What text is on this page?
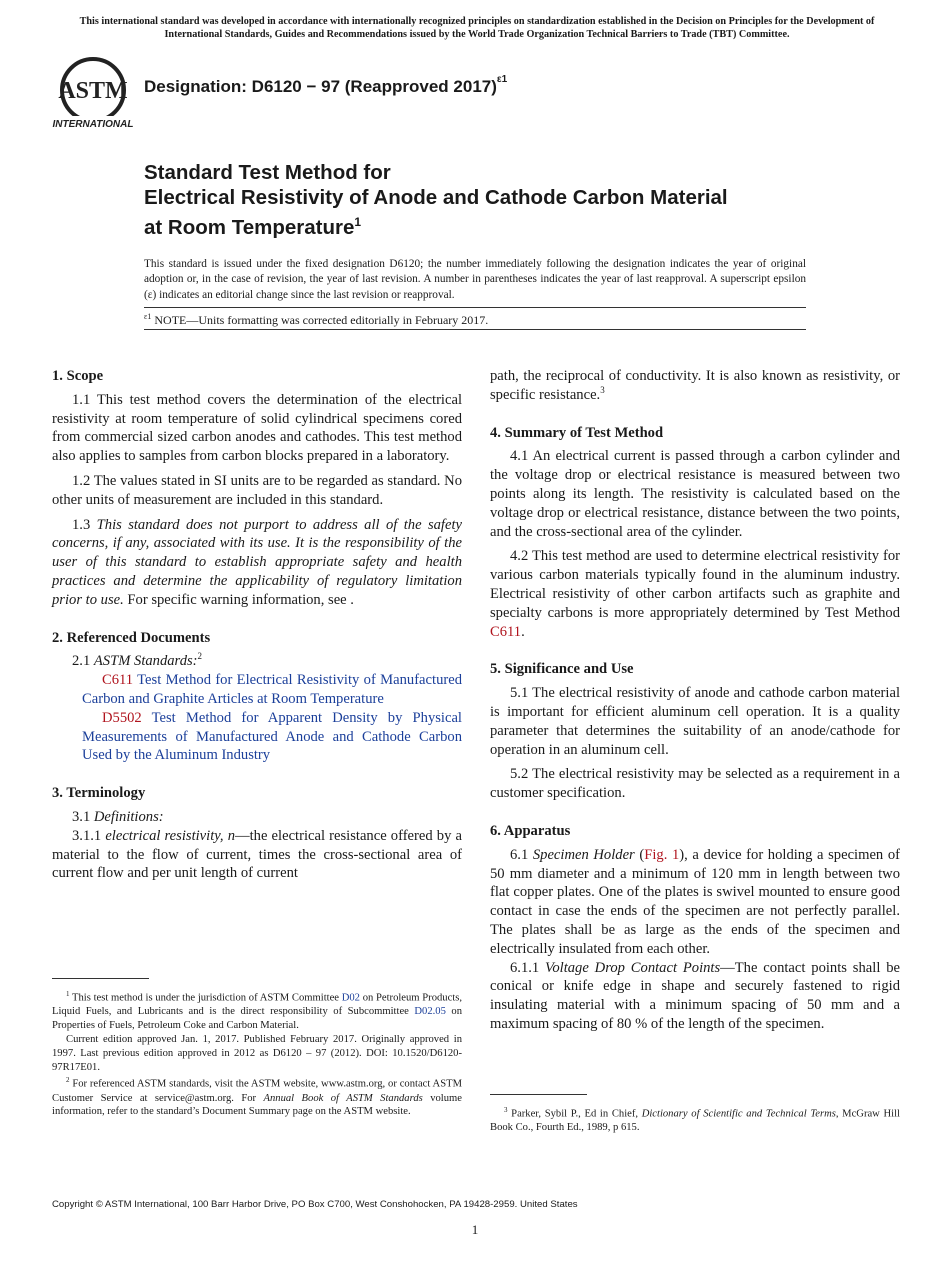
This international standard was developed in accordance with internationally recognized principles on standardization established in the Decision on Principles for the Development of International Standards, Guides and Recommendations issued by the World Trade Organization Technical Barriers to Trade (TBT) Committee.
ASTM
INTERNATIONAL
Designation: D6120 − 97 (Reapproved 2017)$^{\varepsilon 1}$
Standard Test Method for
Electrical Resistivity of Anode and Cathode Carbon Material
at Room Temperature$^1$
This standard is issued under the fixed designation D6120; the number immediately following the designation indicates the year of original adoption or, in the case of revision, the year of last revision. A number in parentheses indicates the year of last reapproval. A superscript epsilon (ε) indicates an editorial change since the last revision or reapproval.
$^{\varepsilon 1}$ NOTE—Units formatting was corrected editorially in February 2017.

1. Scope

1.1 This test method covers the determination of the electrical resistivity at room temperature of solid cylindrical specimens cored from commercial sized carbon anodes and cathodes. This test method also applies to samples from carbon blocks prepared in a laboratory.

1.2 The values stated in SI units are to be regarded as standard. No other units of measurement are included in this standard.

1.3 This standard does not purport to address all of the safety concerns, if any, associated with its use. It is the responsibility of the user of this standard to establish appropriate safety and health practices and determine the applicability of regulatory limitation prior to use. For specific warning information, see .

2. Referenced Documents

2.1 ASTM Standards:$^2$

C611 Test Method for Electrical Resistivity of Manufactured Carbon and Graphite Articles at Room Temperature

D5502 Test Method for Apparent Density by Physical Measurements of Manufactured Anode and Cathode Carbon Used by the Aluminum Industry

3. Terminology

3.1 Definitions:

3.1.1 electrical resistivity, n—the electrical resistance offered by a material to the flow of current, times the cross-sectional area of current flow and per unit length of current

path, the reciprocal of conductivity. It is also known as resistivity, or specific resistance.$^3$

4. Summary of Test Method

4.1 An electrical current is passed through a carbon cylinder and the voltage drop or electrical resistance is measured between two points along its length. The resistivity is calculated based on the voltage drop or electrical resistance, distance between the two points, and the cross-sectional area of the cylinder.

4.2 This test method are used to determine electrical resistivity for various carbon materials typically found in the aluminum industry. Electrical resistivity of other carbon artifacts such as graphite and specialty carbons is more appropriately determined by Test Method C611.

5. Significance and Use

5.1 The electrical resistivity of anode and cathode carbon material is important for efficient aluminum cell operation. It is a quality parameter that determines the suitability of an anode/cathode for operation in an aluminum cell.

5.2 The electrical resistivity may be selected as a requirement in a customer specification.

6. Apparatus

6.1 Specimen Holder (Fig. 1), a device for holding a specimen of 50 mm diameter and a minimum of 120 mm in length between two flat copper plates. One of the plates is swivel mounted to ensure good contact in case the ends of the specimen are not perfectly parallel. The plates shall be as large as the ends of the specimen and electrically insulated from each other.

6.1.1 Voltage Drop Contact Points—The contact points shall be conical or knife edge in shape and securely fastened to rigid insulating material with a minimum spacing of 50 mm and a maximum spacing of 80 % of the length of the specimen.

$^1$ This test method is under the jurisdiction of ASTM Committee D02 on Petroleum Products, Liquid Fuels, and Lubricants and is the direct responsibility of Subcommittee D02.05 on Properties of Fuels, Petroleum Coke and Carbon Material.

Current edition approved Jan. 1, 2017. Published February 2017. Originally approved in 1997. Last previous edition approved in 2012 as D6120 – 97 (2012). DOI: 10.1520/D6120-97R17E01.

$^2$ For referenced ASTM standards, visit the ASTM website, www.astm.org, or contact ASTM Customer Service at service@astm.org. For Annual Book of ASTM Standards volume information, refer to the standard’s Document Summary page on the ASTM website.	$^3$ Parker, Sybil P., Ed in Chief, Dictionary of Scientific and Technical Terms, McGraw Hill Book Co., Fourth Ed., 1989, p 615.

Copyright © ASTM International, 100 Barr Harbor Drive, PO Box C700, West Conshohocken, PA 19428-2959. United States
1
